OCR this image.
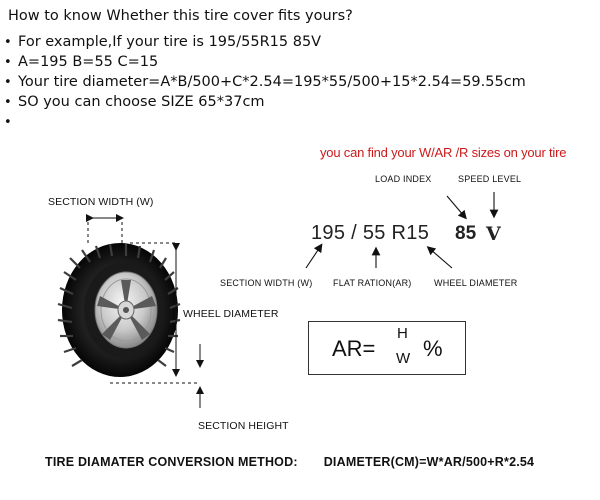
How to know Whether this tire cover fits yours?
• For example,If your tire is 195/55R15 85V
• A=195 B=55 C=15
• Your tire diameter=A*B/500+C*2.54=195*55/500+15*2.54=59.55cm
• SO you can choose SIZE 65*37cm
•
you can find your W/AR /R sizes on your tire
LOAD INDEX	SPEED LEVEL
SECTION WIDTH (W)
195 / 55 R15 85 V
SECTION WIDTH (W) FLAT RATION(AR) WHEEL DIAMETER
WHEEL DIAMETER
AR=
H
W %
SECTION HEIGHT
TIRE DIAMATER CONVERSION METHOD: DIAMETER(CM)=W*AR/500+R*2.54
